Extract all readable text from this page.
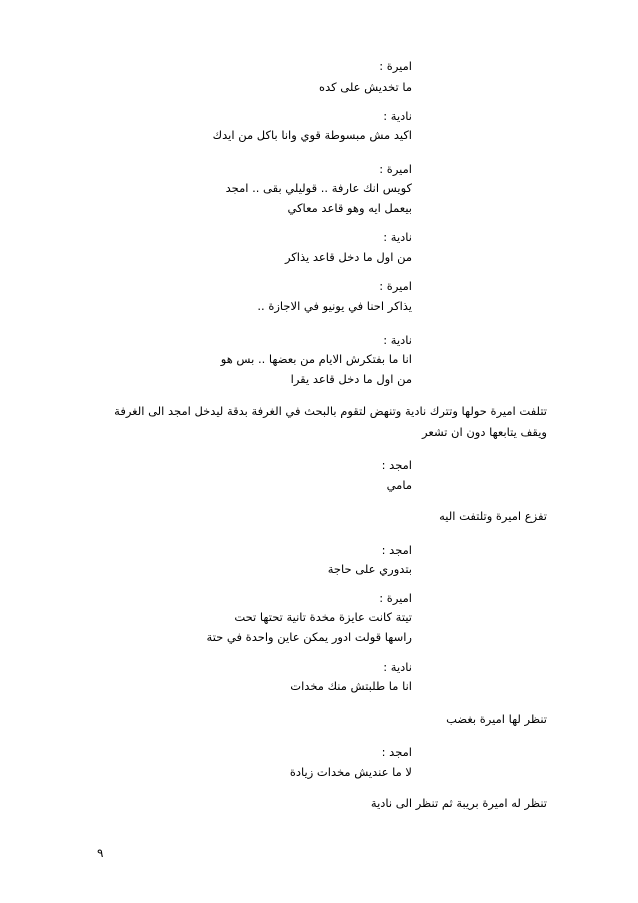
اميرة :
ما تخديش على كده
نادية :
اكيد مش مبسوطة قوي وانا باكل من ايدك
اميرة :
كويس انك عارفة .. قوليلي بقى .. امجد
بيعمل ايه وهو قاعد معاكي
نادية :
من اول ما دخل قاعد يذاكر
اميرة :
يذاكر احنا في يونيو في الاجازة ..
نادية :
انا ما بفتكرش الايام من بعضها .. بس هو
من اول ما دخل قاعد يقرا
تتلفت اميرة حولها وتترك نادية وتنهض لتقوم بالبحث في الغرفة بدقة ليدخل امجد الى الغرفة
ويقف يتابعها دون ان تشعر
امجد :
مامي
تفزع اميرة وتلتفت اليه
امجد :
بتدوري على حاجة
اميرة :
تيتة كانت عايزة مخدة تانية تحتها تحت
راسها قولت ادور يمكن عاين واحدة في حتة
نادية :
انا ما طلبتش منك مخدات
تنظر لها اميرة بغضب
امجد :
لا ما عنديش مخدات زيادة
تنظر له اميرة بريبة ثم تنظر الى نادية
٩
